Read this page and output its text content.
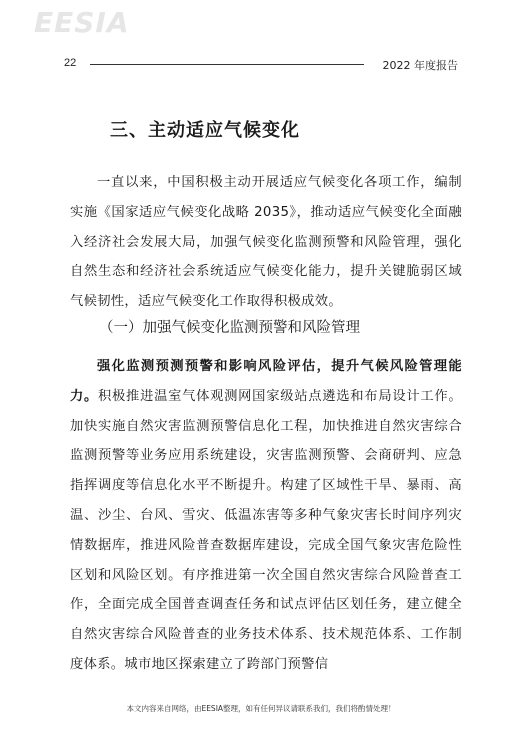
EESIA
22	2022 年度报告
三、主动适应气候变化

一直以来，中国积极主动开展适应气候变化各项工作，编制实施《国家适应气候变化战略 2035》，推动适应气候变化全面融入经济社会发展大局，加强气候变化监测预警和风险管理，强化自然生态和经济社会系统适应气候变化能力，提升关键脆弱区域气候韧性，适应气候变化工作取得积极成效。

（一）加强气候变化监测预警和风险管理

强化监测预测预警和影响风险评估，提升气候风险管理能力。积极推进温室气体观测网国家级站点遴选和布局设计工作。加快实施自然灾害监测预警信息化工程，加快推进自然灾害综合监测预警等业务应用系统建设，灾害监测预警、会商研判、应急指挥调度等信息化水平不断提升。构建了区域性干旱、暴雨、高温、沙尘、台风、雪灾、低温冻害等多种气象灾害长时间序列灾情数据库，推进风险普查数据库建设，完成全国气象灾害危险性区划和风险区划。有序推进第一次全国自然灾害综合风险普查工作，全面完成全国普查调查任务和试点评估区划任务，建立健全自然灾害综合风险普查的业务技术体系、技术规范体系、工作制度体系。城市地区探索建立了跨部门预警信

本文内容来自网络，由EESIA整理，如有任何异议请联系我们，我们将酌情处理！
